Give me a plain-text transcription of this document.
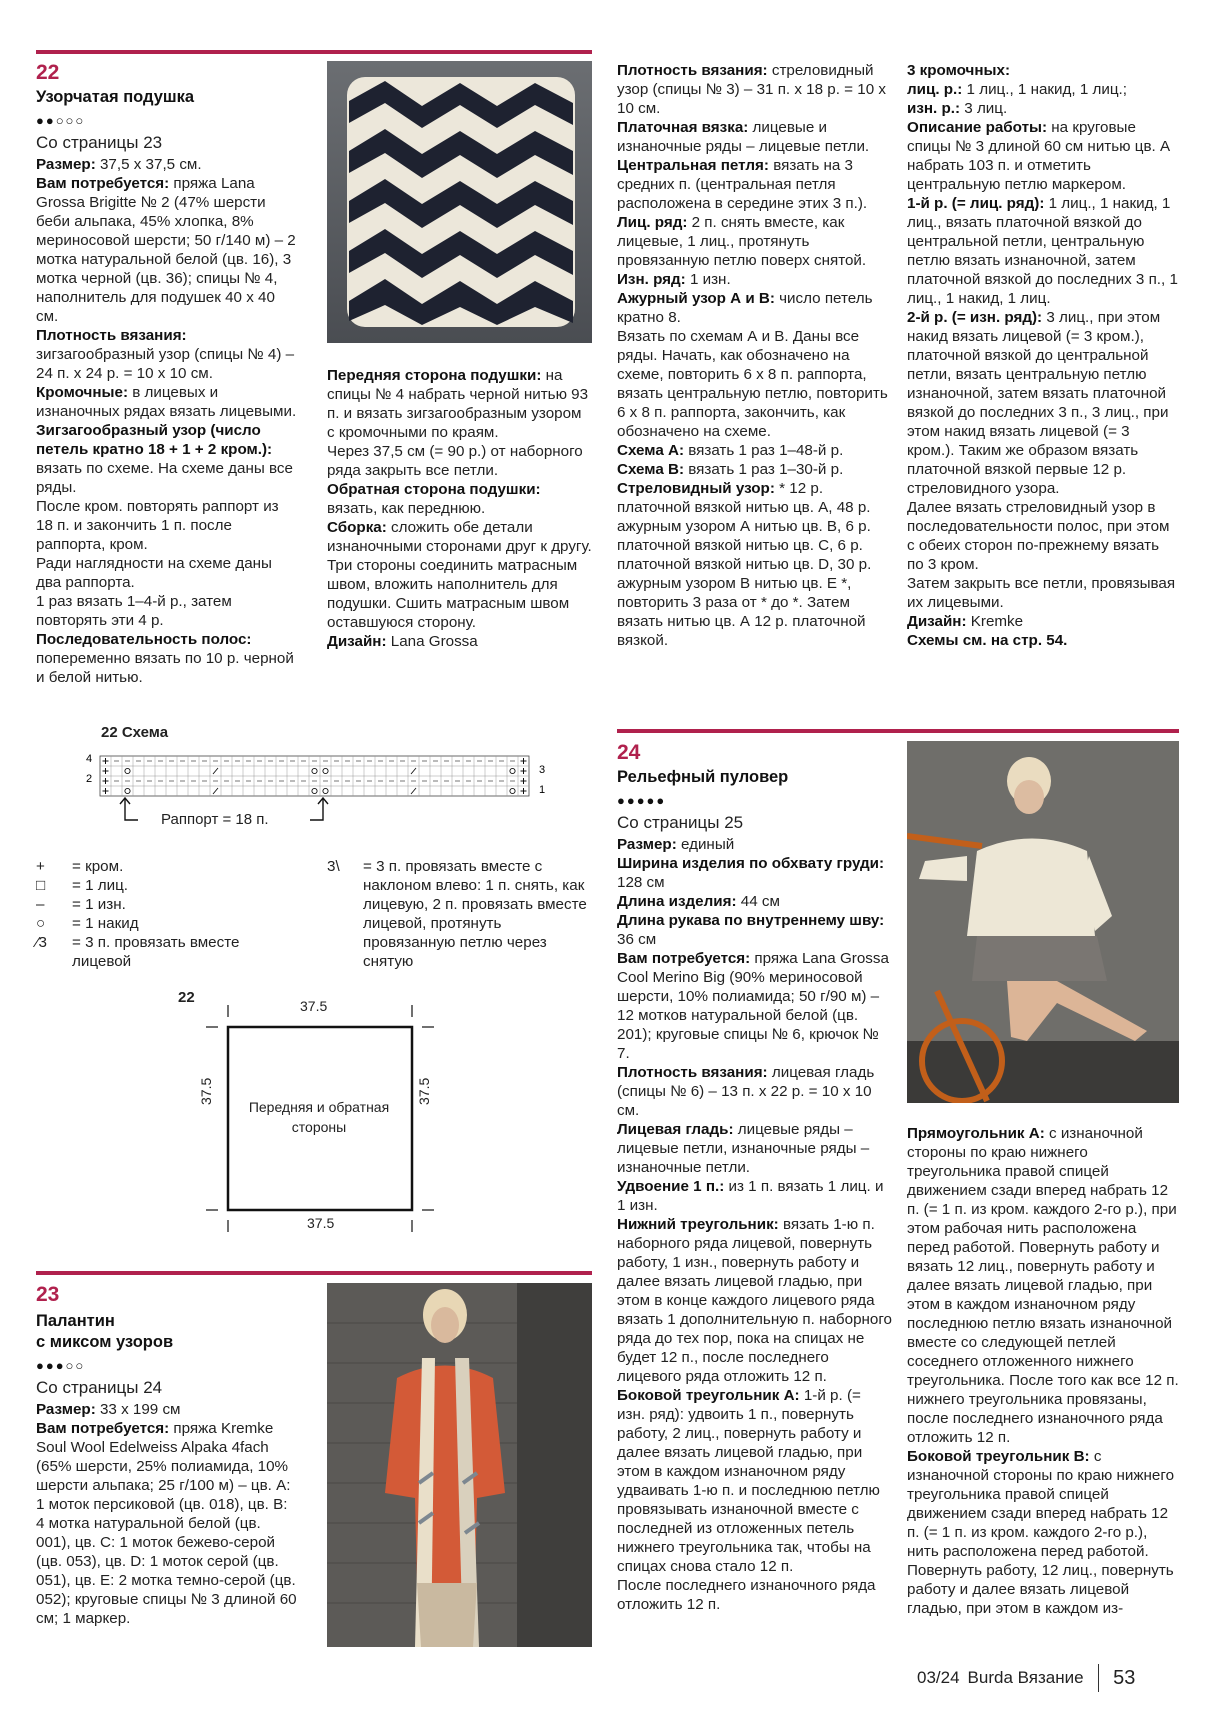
22
Узорчатая подушка
●●○○○
Со страницы 23

Размер: 37,5 x 37,5 см.

Вам потребуется: пряжа Lana Grossa Brigitte № 2 (47% шерсти беби альпака, 45% хлопка, 8% мериносовой шерсти; 50 г/140 м) – 2 мотка натуральной белой (цв. 16), 3 мотка черной (цв. 36); спицы № 4, наполнитель для подушек 40 x 40 см.

Плотность вязания: зигзагообразный узор (спицы № 4) – 24 п. x 24 р. = 10 x 10 см.

Кромочные: в лицевых и изнаночных рядах вязать лицевыми.

Зигзагообразный узор (число петель кратно 18 + 1 + 2 кром.): вязать по схеме. На схеме даны все ряды.

После кром. повторять раппорт из 18 п. и закончить 1 п. после раппорта, кром.

Ради наглядности на схеме даны два раппорта.

1 раз вязать 1–4-й р., затем повторять эти 4 р.

Последовательность полос: попеременно вязать по 10 р. черной и белой нитью.

Передняя сторона подушки: на спицы № 4 набрать черной нитью 93 п. и вязать зигзагообразным узором с кромочными по краям.

Через 37,5 см (= 90 р.) от наборного ряда закрыть все петли.

Обратная сторона подушки: вязать, как переднюю.

Сборка: сложить обе детали изнаночными сторонами друг к другу. Три стороны соединить матрасным швом, вложить наполнитель для подушки. Сшить матрасным швом оставшуюся сторону.

Дизайн: Lana Grossa

Плотность вязания: стреловидный узор (спицы № 3) – 31 п. x 18 р. = 10 x 10 см.

Платочная вязка: лицевые и изнаночные ряды – лицевые петли.

Центральная петля: вязать на 3 средних п. (центральная петля расположена в середине этих 3 п.).

Лиц. ряд: 2 п. снять вместе, как лицевые, 1 лиц., протянуть провязанную петлю поверх снятой.

Изн. ряд: 1 изн.

Ажурный узор А и В: число петель кратно 8.

Вязать по схемам А и В. Даны все ряды. Начать, как обозначено на схеме, повторить 6 x 8 п. раппорта, вязать центральную петлю, повторить 6 x 8 п. раппорта, закончить, как обозначено на схеме.

Схема А: вязать 1 раз 1–48-й р.

Схема В: вязать 1 раз 1–30-й р.

Стреловидный узор: * 12 р. платочной вязкой нитью цв. А, 48 р. ажурным узором А нитью цв. В, 6 р. платочной вязкой нитью цв. С, 6 р. платочной вязкой нитью цв. D, 30 р. ажурным узором В нитью цв. Е *, повторить 3 раза от * до *. Затем вязать нитью цв. А 12 р. платочной вязкой.

3 кромочных:

лиц. р.: 1 лиц., 1 накид, 1 лиц.;

изн. р.: 3 лиц.

Описание работы: на круговые спицы № 3 длиной 60 см нитью цв. А набрать 103 п. и отметить центральную петлю маркером.

1-й р. (= лиц. ряд): 1 лиц., 1 накид, 1 лиц., вязать платочной вязкой до центральной петли, центральную петлю вязать изнаночной, затем платочной вязкой до последних 3 п., 1 лиц., 1 накид, 1 лиц.

2-й р. (= изн. ряд): 3 лиц., при этом накид вязать лицевой (= 3 кром.), платочной вязкой до центральной петли, вязать центральную петлю изнаночной, затем вязать платочной вязкой до последних 3 п., 3 лиц., при этом накид вязать лицевой (= 3 кром.). Таким же образом вязать платочной вязкой первые 12 р. стреловидного узора.

Далее вязать стреловидный узор в последовательности полос, при этом с обеих сторон по-прежнему вязать по 3 кром.

Затем закрыть все петли, провязывая их лицевыми.

Дизайн: Kremke

Схемы см. на стр. 54.

22 Схема
4
2
3
1
Раппорт = 18 п.
+	= кром.
□	= 1 лиц.
–	= 1 изн.
○	= 1 накид
⁄3	= 3 п. провязать вместе лицевой
3\	= 3 п. провязать вместе с наклоном влево: 1 п. снять, как лицевую, 2 п. провязать вместе лицевой, протянуть провязанную петлю через снятую
22	37.5
37.5
37.5	37.5
Передняя и обратная стороны
23
Палантин
с миксом узоров
●●●○○
Со страницы 24

Размер: 33 x 199 см

Вам потребуется: пряжа Kremke Soul Wool Edelweiss Alpaka 4fach (65% шерсти, 25% полиамида, 10% шерсти альпака; 25 г/100 м) – цв. А: 1 моток персиковой (цв. 018), цв. В: 4 мотка натуральной белой (цв. 001), цв. С: 1 моток бежево-серой (цв. 053), цв. D: 1 моток серой (цв. 051), цв. Е: 2 мотка темно-серой (цв. 052); круговые спицы № 3 длиной 60 см; 1 маркер.

24
Рельефный пуловер
●●●●●
Со страницы 25

Размер: единый

Ширина изделия по обхвату груди: 128 см

Длина изделия: 44 см

Длина рукава по внутреннему шву: 36 см

Вам потребуется: пряжа Lana Grossa Cool Merino Big (90% мериносовой шерсти, 10% полиамида; 50 г/90 м) – 12 мотков натуральной белой (цв. 201); круговые спицы № 6, крючок № 7.

Плотность вязания: лицевая гладь (спицы № 6) – 13 п. x 22 р. = 10 x 10 см.

Лицевая гладь: лицевые ряды – лицевые петли, изнаночные ряды – изнаночные петли.

Удвоение 1 п.: из 1 п. вязать 1 лиц. и 1 изн.

Нижний треугольник: вязать 1-ю п. наборного ряда лицевой, повернуть работу, 1 изн., повернуть работу и далее вязать лицевой гладью, при этом в конце каждого лицевого ряда вязать 1 дополнительную п. наборного ряда до тех пор, пока на спицах не будет 12 п., после последнего лицевого ряда отложить 12 п.

Боковой треугольник А: 1-й р. (= изн. ряд): удвоить 1 п., повернуть работу, 2 лиц., повернуть работу и далее вязать лицевой гладью, при этом в каждом изнаночном ряду удваивать 1-ю п. и последнюю петлю провязывать изнаночной вместе с последней из отложенных петель нижнего треугольника так, чтобы на спицах снова стало 12 п.

После последнего изнаночного ряда отложить 12 п.

Прямоугольник А: с изнаночной стороны по краю нижнего треугольника правой спицей движением сзади вперед набрать 12 п. (= 1 п. из кром. каждого 2-го р.), при этом рабочая нить расположена перед работой. Повернуть работу и вязать 12 лиц., повернуть работу и далее вязать лицевой гладью, при этом в каждом изнаночном ряду последнюю петлю вязать изнаночной вместе со следующей петлей соседнего отложенного нижнего треугольника. После того как все 12 п. нижнего треугольника провязаны, после последнего изнаночного ряда отложить 12 п.

Боковой треугольник В: с изнаночной стороны по краю нижнего треугольника правой спицей движением сзади вперед набрать 12 п. (= 1 п. из кром. каждого 2-го р.), нить расположена перед работой. Повернуть работу, 12 лиц., повернуть работу и далее вязать лицевой гладью, при этом в каждом из-

03/24 Burda Вязание 53
